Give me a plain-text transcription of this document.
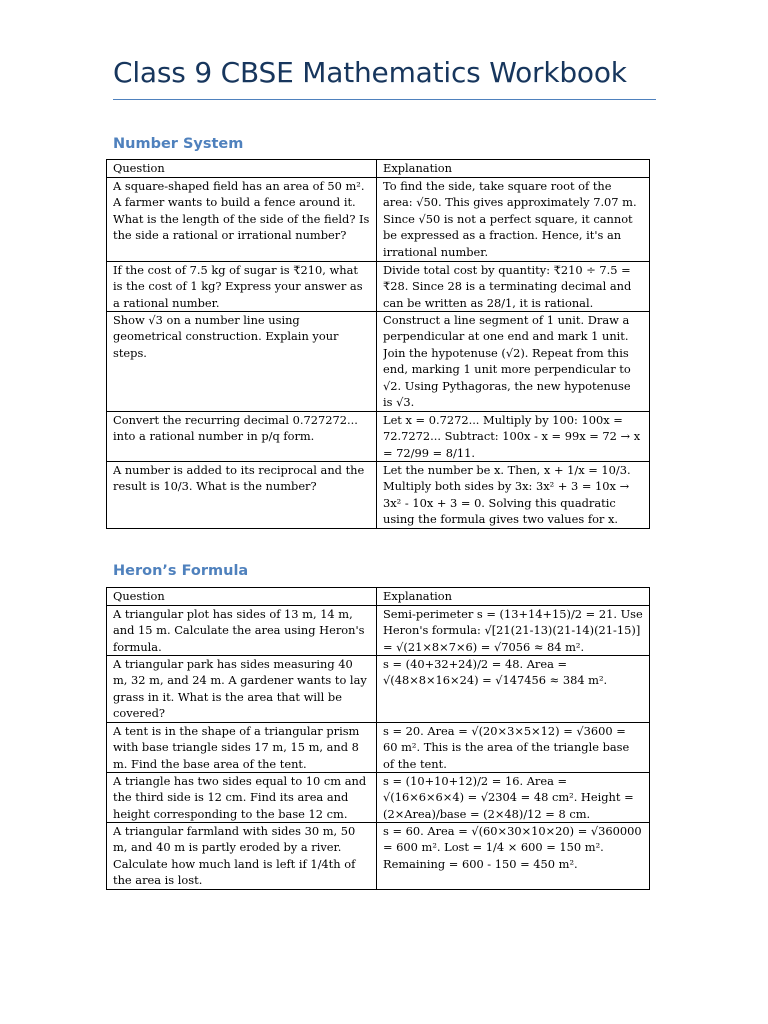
Class 9 CBSE Mathematics Workbook
Number System
Question	Explanation

A square-shaped field has an area of 50 m². A farmer wants to build a fence around it. What is the length of the side of the field? Is the side a rational or irrational number?	To find the side, take square root of the area: √50. This gives approximately 7.07 m. Since √50 is not a perfect square, it cannot be expressed as a fraction. Hence, it's an irrational number.

If the cost of 7.5 kg of sugar is ₹210, what is the cost of 1 kg? Express your answer as a rational number.	Divide total cost by quantity: ₹210 ÷ 7.5 = ₹28. Since 28 is a terminating decimal and can be written as 28/1, it is rational.

Show √3 on a number line using geometrical construction. Explain your steps.	Construct a line segment of 1 unit. Draw a perpendicular at one end and mark 1 unit. Join the hypotenuse (√2). Repeat from this end, marking 1 unit more perpendicular to √2. Using Pythagoras, the new hypotenuse is √3.

Convert the recurring decimal 0.727272... into a rational number in p/q form.	Let x = 0.7272... Multiply by 100: 100x = 72.7272... Subtract: 100x - x = 99x = 72 → x = 72/99 = 8/11.

A number is added to its reciprocal and the result is 10/3. What is the number?	Let the number be x. Then, x + 1/x = 10/3. Multiply both sides by 3x: 3x² + 3 = 10x → 3x² - 10x + 3 = 0. Solving this quadratic using the formula gives two values for x.
Heron’s Formula
Question	Explanation

A triangular plot has sides of 13 m, 14 m, and 15 m. Calculate the area using Heron's formula.	Semi-perimeter s = (13+14+15)/2 = 21. Use Heron's formula: √[21(21-13)(21-14)(21-15)] = √(21×8×7×6) = √7056 ≈ 84 m².

A triangular park has sides measuring 40 m, 32 m, and 24 m. A gardener wants to lay grass in it. What is the area that will be covered?	s = (40+32+24)/2 = 48. Area = √(48×8×16×24) = √147456 ≈ 384 m².

A tent is in the shape of a triangular prism with base triangle sides 17 m, 15 m, and 8 m. Find the base area of the tent.	s = 20. Area = √(20×3×5×12) = √3600 = 60 m². This is the area of the triangle base of the tent.

A triangle has two sides equal to 10 cm and the third side is 12 cm. Find its area and height corresponding to the base 12 cm.	s = (10+10+12)/2 = 16. Area = √(16×6×6×4) = √2304 = 48 cm². Height = (2×Area)/base = (2×48)/12 = 8 cm.

A triangular farmland with sides 30 m, 50 m, and 40 m is partly eroded by a river. Calculate how much land is left if 1/4th of the area is lost.	s = 60. Area = √(60×30×10×20) = √360000 = 600 m². Lost = 1/4 × 600 = 150 m². Remaining = 600 - 150 = 450 m².
